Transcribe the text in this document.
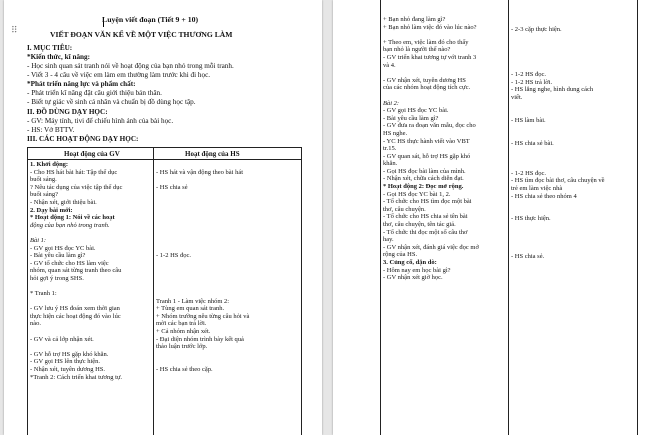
⠿
Luyện viết đoạn (Tiết 9 + 10)
VIẾT ĐOẠN VĂN KỂ VỀ MỘT VIỆC THƯƠNG LÀM
I. MỤC TIÊU:
*Kiến thức, kĩ năng:
- Học sinh quan sát tranh nói về hoạt động của bạn nhỏ trong mỗi tranh.
- Viết 3 - 4 câu về việc em làm em thường làm trước khi đi học.
*Phát triển năng lực và phẩm chất:
- Phát triển kĩ năng đặt câu giới thiệu bản thân.
- Biết tự giác về sinh cá nhân và chuẩn bị đồ dùng học tập.
II. ĐỒ DÙNG DẠY HỌC:
- GV: Máy tính, tivi để chiếu hình ảnh của bài học.
- HS: Vở BTTV.
III. CÁC HOẠT ĐỘNG DẠY HỌC:
Hoạt động của GV	Hoạt động của HS
1. Khởi động:
- Cho HS hát bài hát: Tập thể dục
buổi sáng.
? Nêu tác dụng của việc tập thể dục
buổi sáng?
- Nhận xét, giới thiệu bài.
2. Dạy bài mới:
* Hoạt động 1: Nói về các hoạt
động của bạn nhỏ trong tranh.

Bài 1:
- GV gọi HS đọc YC bài.
- Bài yêu cầu làm gì?
- GV tổ chức cho HS làm việc
nhóm, quan sát từng tranh theo câu
hỏi gợi ý trong SHS.

* Tranh 1:

- GV lưu ý HS đoán xem thời gian
thực hiện các hoạt động đó vào lúc
nào.

- GV và cả lớp nhận xét.

- GV hỗ trợ HS gặp khó khăn.
- GV gọi HS lên thực hiện.
- Nhận xét, tuyên dương HS.
*Tranh 2: Cách triển khai tương tự.

- HS hát và vận động theo bài hát

- HS chia sẻ

- 1-2 HS đọc.

Tranh 1 - Làm việc nhóm 2:
+ Tùng em quan sát tranh.
+ Nhóm trường nêu từng câu hỏi và
mời các bạn trả lời.
+ Cả nhóm nhận xét.
- Đại diện nhóm trình bày kết quả
thảo luận trước lớp.

- HS chia sẻ theo cặp.
+ Bạn nhỏ đang làm gì?
+ Bạn nhỏ làm việc đó vào lúc nào?

+ Theo em, việc làm đó cho thấy
bạn nhỏ là người thế nào?
- GV triển khai tương tự với tranh 3
và 4.

- GV nhận xét, tuyên dương HS
của các nhóm hoạt động tích cực.

Bài 2:
- GV gọi HS đọc YC bài.
- Bài yêu cầu làm gì?
- GV đưa ra đoạn văn mẫu, đọc cho
HS nghe.
- YC HS thực hành viết vào VBT
tr.15.
- GV quan sát, hỗ trợ HS gặp khó
khăn.
- Gọi HS đọc bài làm của mình.
- Nhận xét, chữa cách diễn đạt.
* Hoạt động 2: Đọc mở rộng.
- Gọi HS đọc YC bài 1, 2.
- Tổ chức cho HS tìm đọc một bài
thơ, câu chuyện.
- Tổ chức cho HS chia sẻ tên bài
thơ, câu chuyện, tên tác giả.
- Tổ chức thi đọc một số câu thơ
hay.
- GV nhận xét, đánh giá việc đọc mở
rộng của HS.
3. Củng cố, dặn dò:
- Hôm nay em học bài gì?
- GV nhận xét giờ học.

- 2-3 cặp thực hiện.

- 1-2 HS đọc.
- 1-2 HS trả lời.
- HS lắng nghe, hình dung cách
viết.

- HS làm bài.

- HS chia sẻ bài.

- 1-2 HS đọc.
- HS tìm đọc bài thơ, câu chuyện về
trẻ em làm việc nhà
- HS chia sẻ theo nhóm 4

- HS thực hiện.

- HS chia sẻ.
